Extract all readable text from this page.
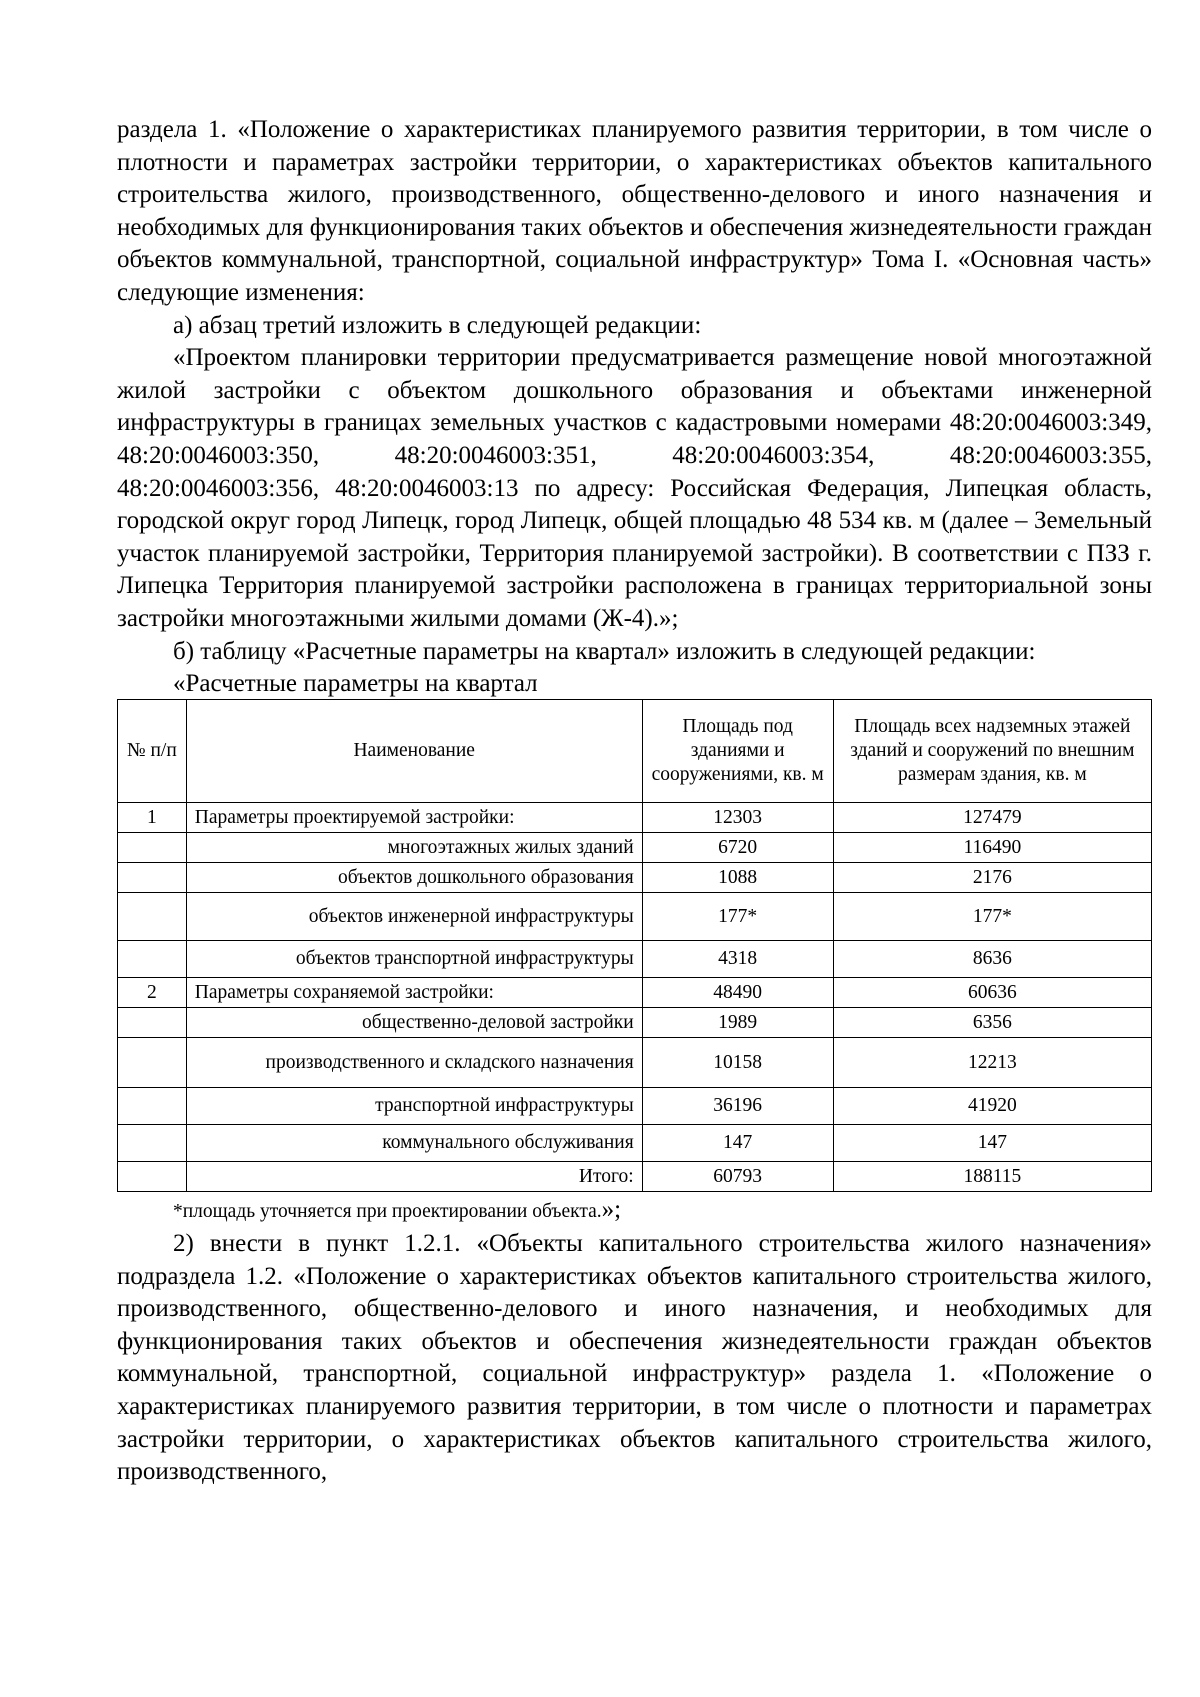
раздела 1. «Положение о характеристиках планируемого развития территории, в том числе о плотности и параметрах застройки территории, о характеристиках объектов капитального строительства жилого, производственного, общественно-делового и иного назначения и необходимых для функционирования таких объектов и обеспечения жизнедеятельности граждан объектов коммунальной, транспортной, социальной инфраструктур» Тома I. «Основная часть» следующие изменения:

а) абзац третий изложить в следующей редакции:

«Проектом планировки территории предусматривается размещение новой многоэтажной жилой застройки с объектом дошкольного образования и объектами инженерной инфраструктуры в границах земельных участков с кадастровыми номерами 48:20:0046003:349, 48:20:0046003:350, 48:20:0046003:351, 48:20:0046003:354, 48:20:0046003:355, 48:20:0046003:356, 48:20:0046003:13 по адресу: Российская Федерация, Липецкая область, городской округ город Липецк, город Липецк, общей площадью 48 534 кв. м (далее – Земельный участок планируемой застройки, Территория планируемой застройки). В соответствии с ПЗЗ г. Липецка Территория планируемой застройки расположена в границах территориальной зоны застройки многоэтажными жилыми домами (Ж-4).»;

б) таблицу «Расчетные параметры на квартал» изложить в следующей редакции:

«Расчетные параметры на квартал

№ п/п	Наименование	Площадь под зданиями и сооружениями, кв. м	Площадь всех надземных этажей зданий и сооружений по внешним размерам здания, кв. м
1	Параметры проектируемой застройки:	12303	127479
	многоэтажных жилых зданий	6720	116490
	объектов дошкольного образования	1088	2176
	объектов инженерной инфраструктуры	177*	177*
	объектов транспортной инфраструктуры	4318	8636
2	Параметры сохраняемой застройки:	48490	60636
	общественно-деловой застройки	1989	6356
	производственного и складского назначения	10158	12213
	транспортной инфраструктуры	36196	41920
	коммунального обслуживания	147	147
	Итого:	60793	188115
*площадь уточняется при проектировании объекта.»;

2) внести в пункт 1.2.1. «Объекты капитального строительства жилого назначения» подраздела 1.2. «Положение о характеристиках объектов капитального строительства жилого, производственного, общественно-делового и иного назначения, и необходимых для функционирования таких объектов и обеспечения жизнедеятельности граждан объектов коммунальной, транспортной, социальной инфраструктур» раздела 1. «Положение о характеристиках планируемого развития территории, в том числе о плотности и параметрах застройки территории, о характеристиках объектов капитального строительства жилого, производственного,
